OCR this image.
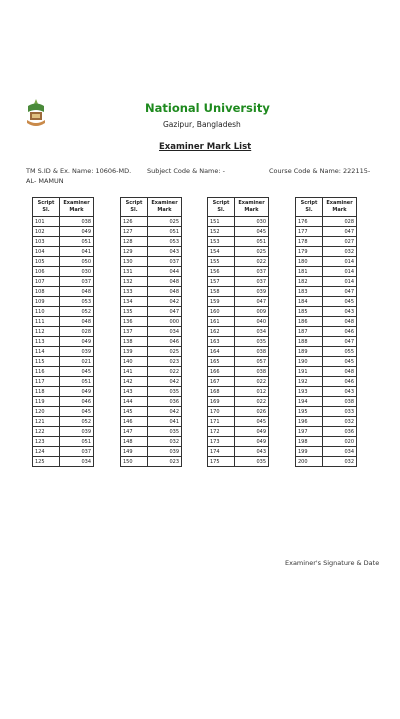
National University
Gazipur, Bangladesh
Examiner Mark List
TM S.ID & Ex. Name: 10606-MD.
AL- MAMUN
Subject Code & Name: -	Course Code & Name: 222115-
Script
Sl.	Examiner
Mark
101	038
102	049
103	051
104	041
105	050
106	030
107	037
108	048
109	053
110	052
111	048
112	028
113	049
114	039
115	021
116	045
117	051
118	049
119	046
120	045
121	052
122	039
123	051
124	037
125	034
Script
Sl.	Examiner
Mark
126	025
127	051
128	053
129	043
130	037
131	044
132	048
133	048
134	042
135	047
136	000
137	034
138	046
139	025
140	023
141	022
142	042
143	035
144	036
145	042
146	041
147	035
148	032
149	039
150	023
Script
Sl.	Examiner
Mark
151	030
152	045
153	051
154	025
155	022
156	037
157	037
158	039
159	047
160	009
161	040
162	034
163	035
164	038
165	057
166	038
167	022
168	012
169	022
170	026
171	045
172	049
173	049
174	043
175	035
Script
Sl.	Examiner
Mark
176	028
177	047
178	027
179	032
180	014
181	014
182	014
183	047
184	045
185	043
186	048
187	046
188	047
189	055
190	045
191	048
192	046
193	043
194	038
195	033
196	032
197	036
198	020
199	034
200	032
Examiner's Signature & Date
